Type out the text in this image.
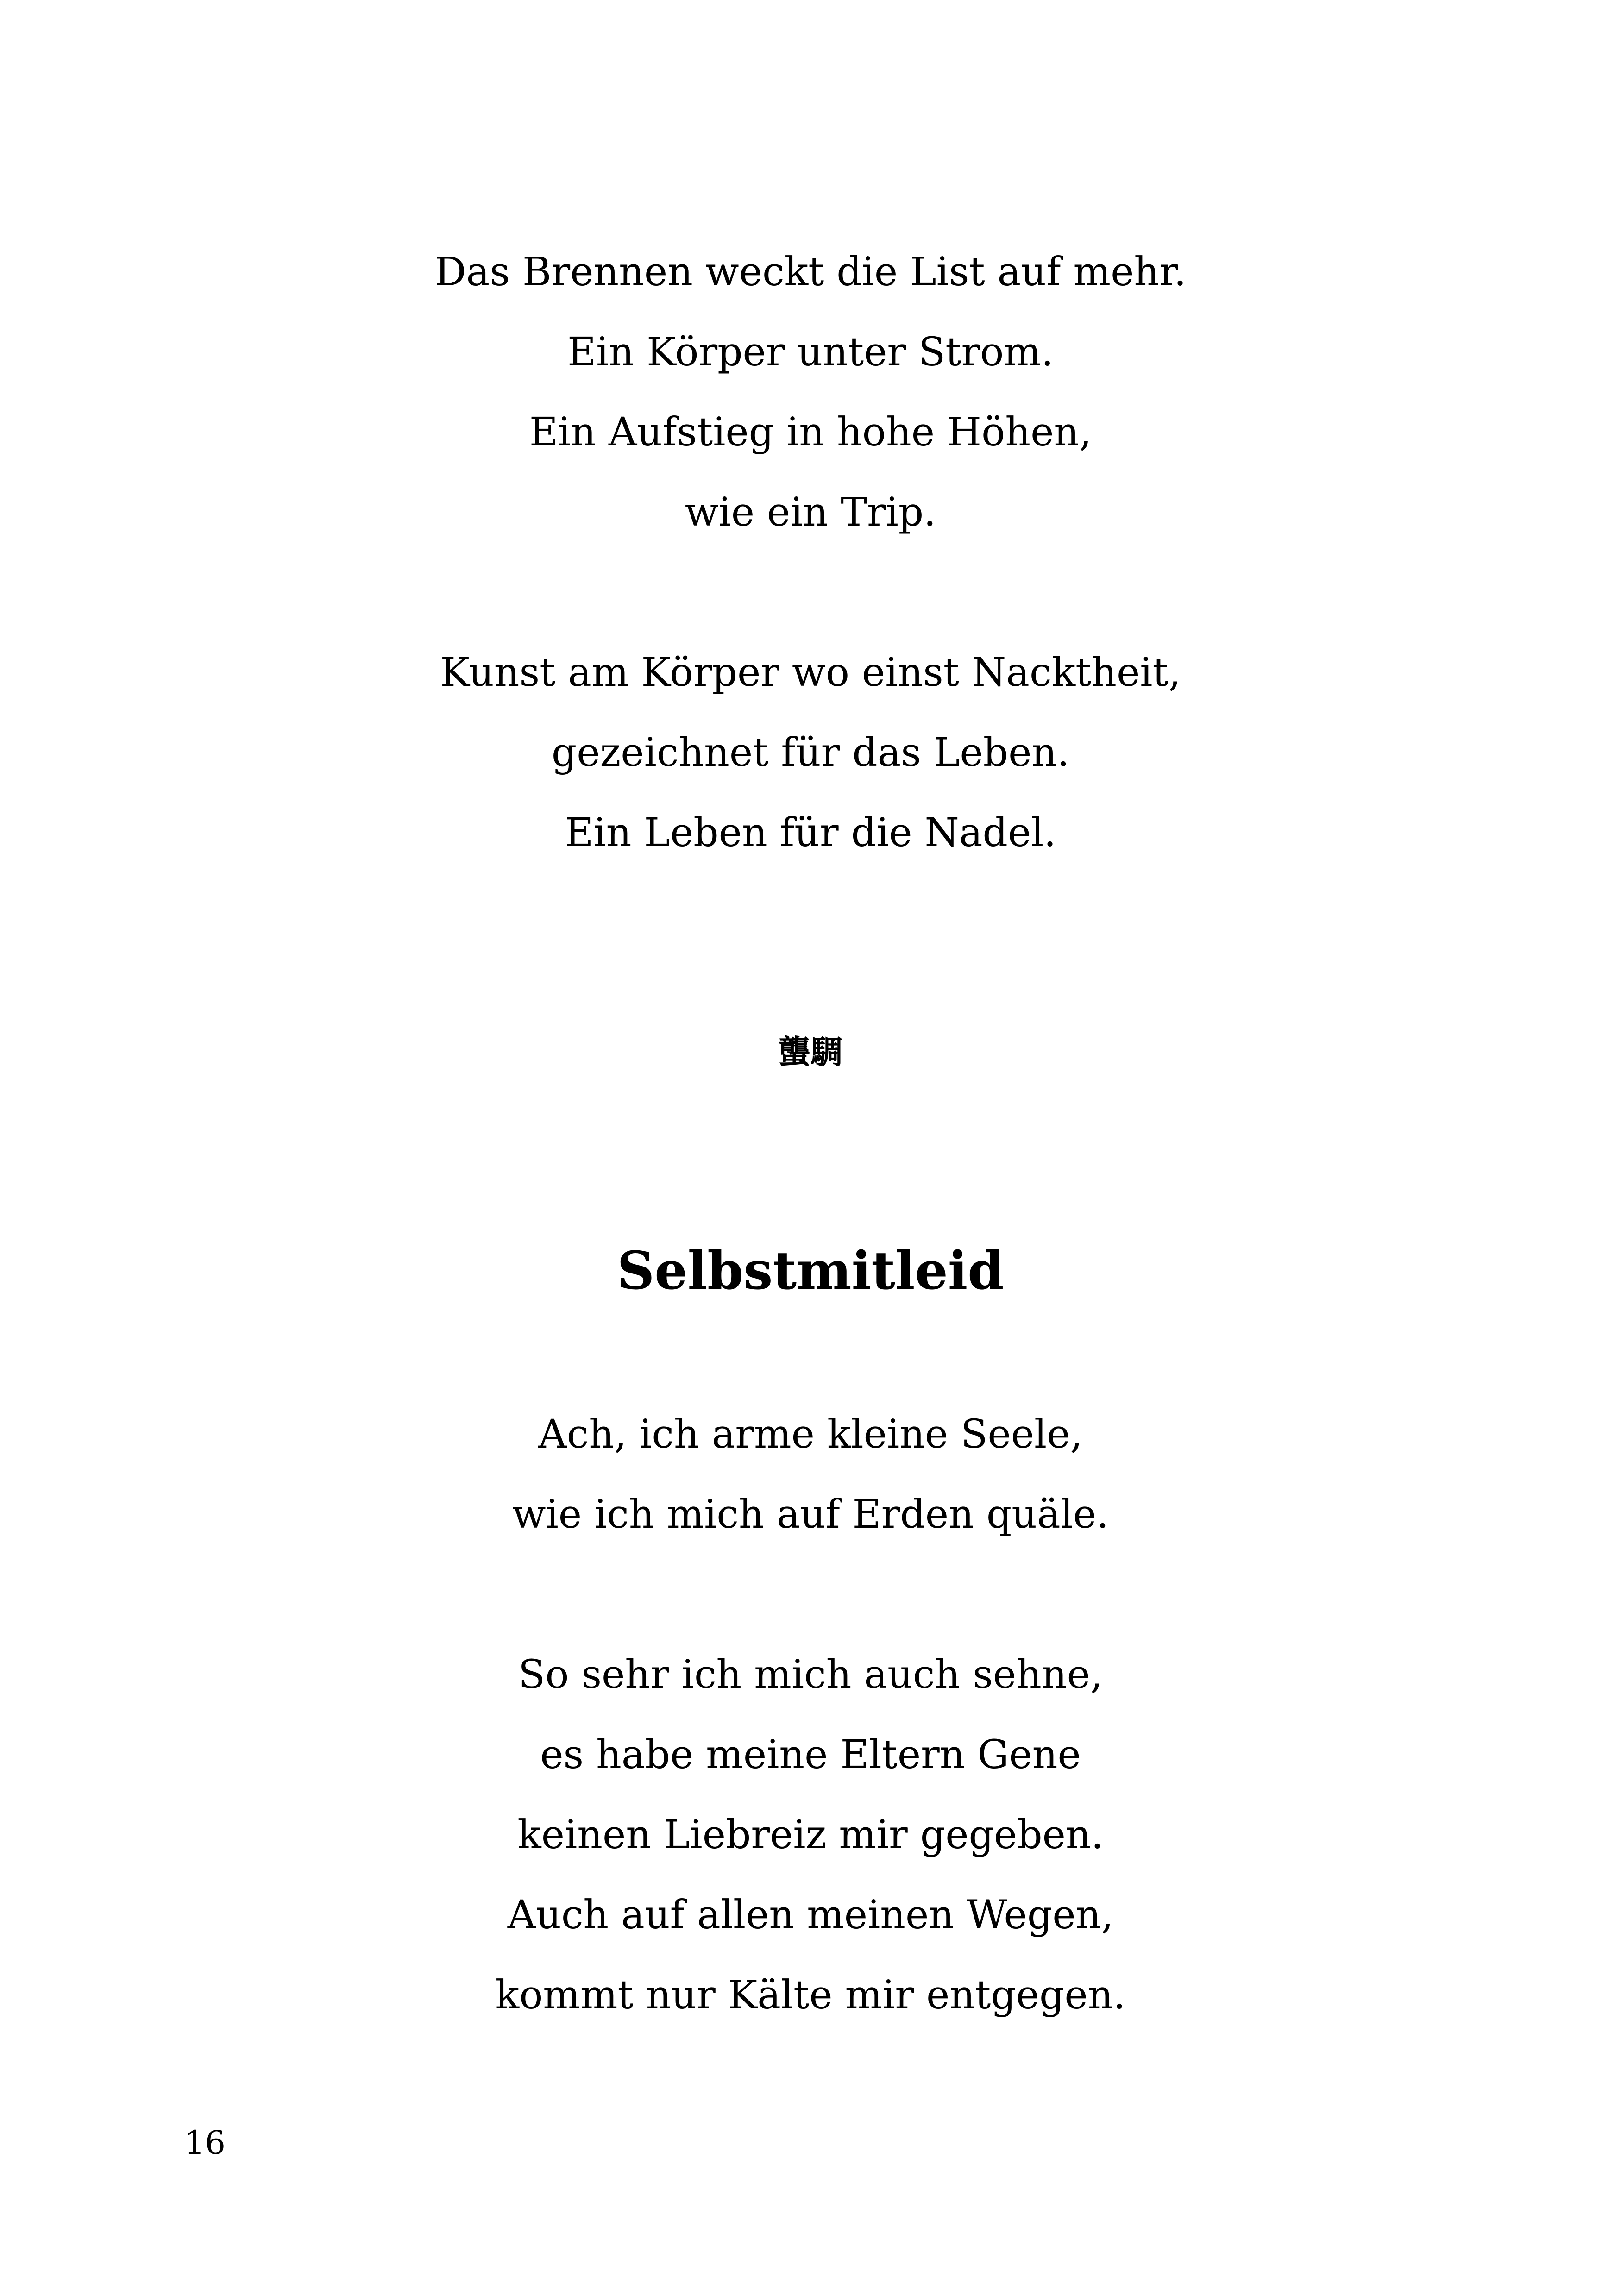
Das Brennen weckt die List auf mehr.
Ein Körper unter Strom.
Ein Aufstieg in hohe Höhen,
wie ein Trip.
Kunst am Körper wo einst Nacktheit,
gezeichnet für das Leben.
Ein Leben für die Nadel.
蠪騆
Selbstmitleid
Ach, ich arme kleine Seele,
wie ich mich auf Erden quäle.
So sehr ich mich auch sehne,
es habe meine Eltern Gene
keinen Liebreiz mir gegeben.
Auch auf allen meinen Wegen,
kommt nur Kälte mir entgegen.
16
